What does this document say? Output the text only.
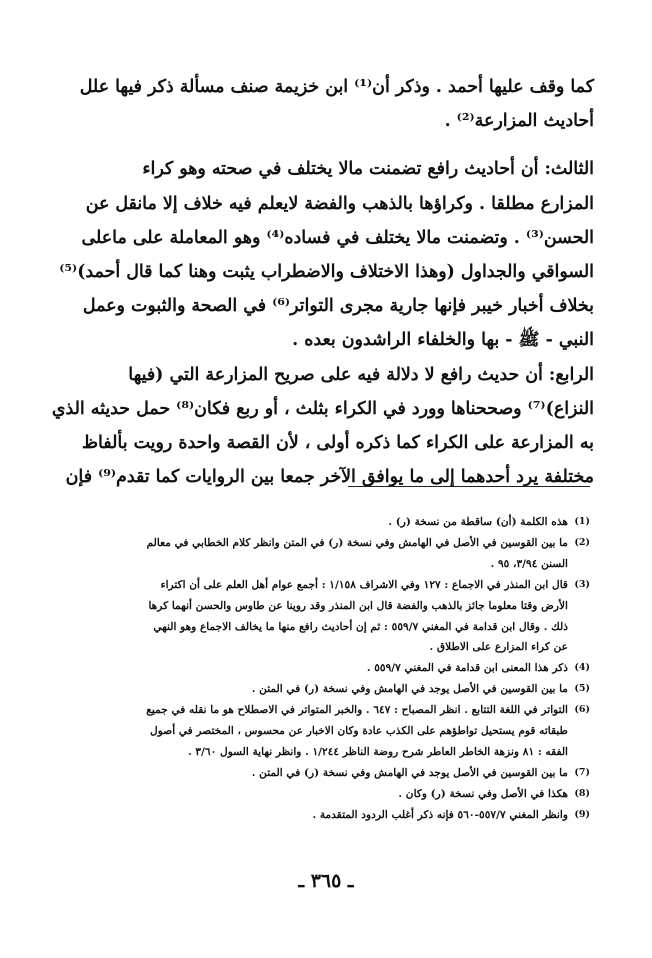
كما وقف عليها أحمد . وذكر أن⁽¹⁾ ابن خزيمة صنف مسألة ذكر فيها علل
أحاديث المزارعة⁽²⁾ .
الثالث: أن أحاديث رافع تضمنت مالا يختلف في صحته وهو كراء
المزارع مطلقا . وكراؤها بالذهب والفضة لايعلم فيه خلاف إلا مانقل عن
الحسن⁽³⁾ . وتضمنت مالا يختلف في فساده⁽⁴⁾ وهو المعاملة على ماعلى
السواقي والجداول (وهذا الاختلاف والاضطراب يثبت وهنا كما قال أحمد)⁽⁵⁾
بخلاف أخبار خيبر فإنها جارية مجرى التواتر⁽⁶⁾ في الصحة والثبوت وعمل
النبي - ﷺ - بها والخلفاء الراشدون بعده .
الرابع: أن حديث رافع لا دلالة فيه على صريح المزارعة التي (فيها
النزاع)⁽⁷⁾ وصححناها وورد في الكراء بثلث ، أو ربع فكان⁽⁸⁾ حمل حديثه الذي
به المزارعة على الكراء كما ذكره أولى ، لأن القصة واحدة رويت بألفاظ
مختلفة يرد أحدهما إلى ما يوافق الآخر جمعا بين الروايات كما تقدم⁽⁹⁾ فإن
(1)
هذه الكلمة (أن) ساقطة من نسخة (ر) .
(2)
ما بين القوسين في الأصل في الهامش وفي نسخة (ر) في المتن وانظر كلام الخطابي في معالم
السنن ٣/٩٤، ٩٥ .
(3)
قال ابن المنذر في الاجماع : ١٢٧ وفي الاشراف ١/١٥٨ : أجمع عوام أهل العلم على أن اكتراء
الأرض وقتا معلوما جائز بالذهب والفضة قال ابن المنذر وقد روينا عن طاوس والحسن أنهما كرها
ذلك . وقال ابن قدامة في المغني ٥٥٩/٧ : ثم إن أحاديث رافع منها ما يخالف الاجماع وهو النهي
عن كراء المزارع على الاطلاق .
(4)
ذكر هذا المعنى ابن قدامة في المغني ٥٥٩/٧ .
(5)
ما بين القوسين في الأصل يوجد في الهامش وفي نسخة (ر) في المتن .
(6)
التواتر في اللغة التتابع . انظر المصباح : ٦٤٧ . والخبر المتواتر في الاصطلاح هو ما نقله في جميع
طبقاته قوم يستحيل تواطؤهم على الكذب عادة وكان الاخبار عن محسوس ، المختصر في أصول
الفقه : ٨١ ونزهة الخاطر العاطر شرح روضة الناظر ١/٢٤٤ . وانظر نهاية السول ٣/٦٠ .
(7)
ما بين القوسين في الأصل يوجد في الهامش وفي نسخة (ر) في المتن .
(8)
هكذا في الأصل وفي نسخة (ر) وكان .
(9)
وانظر المغني ٥٥٧/٧-٥٦٠ فإنه ذكر أغلب الردود المتقدمة .
ـ ٣٦٥ ـ
